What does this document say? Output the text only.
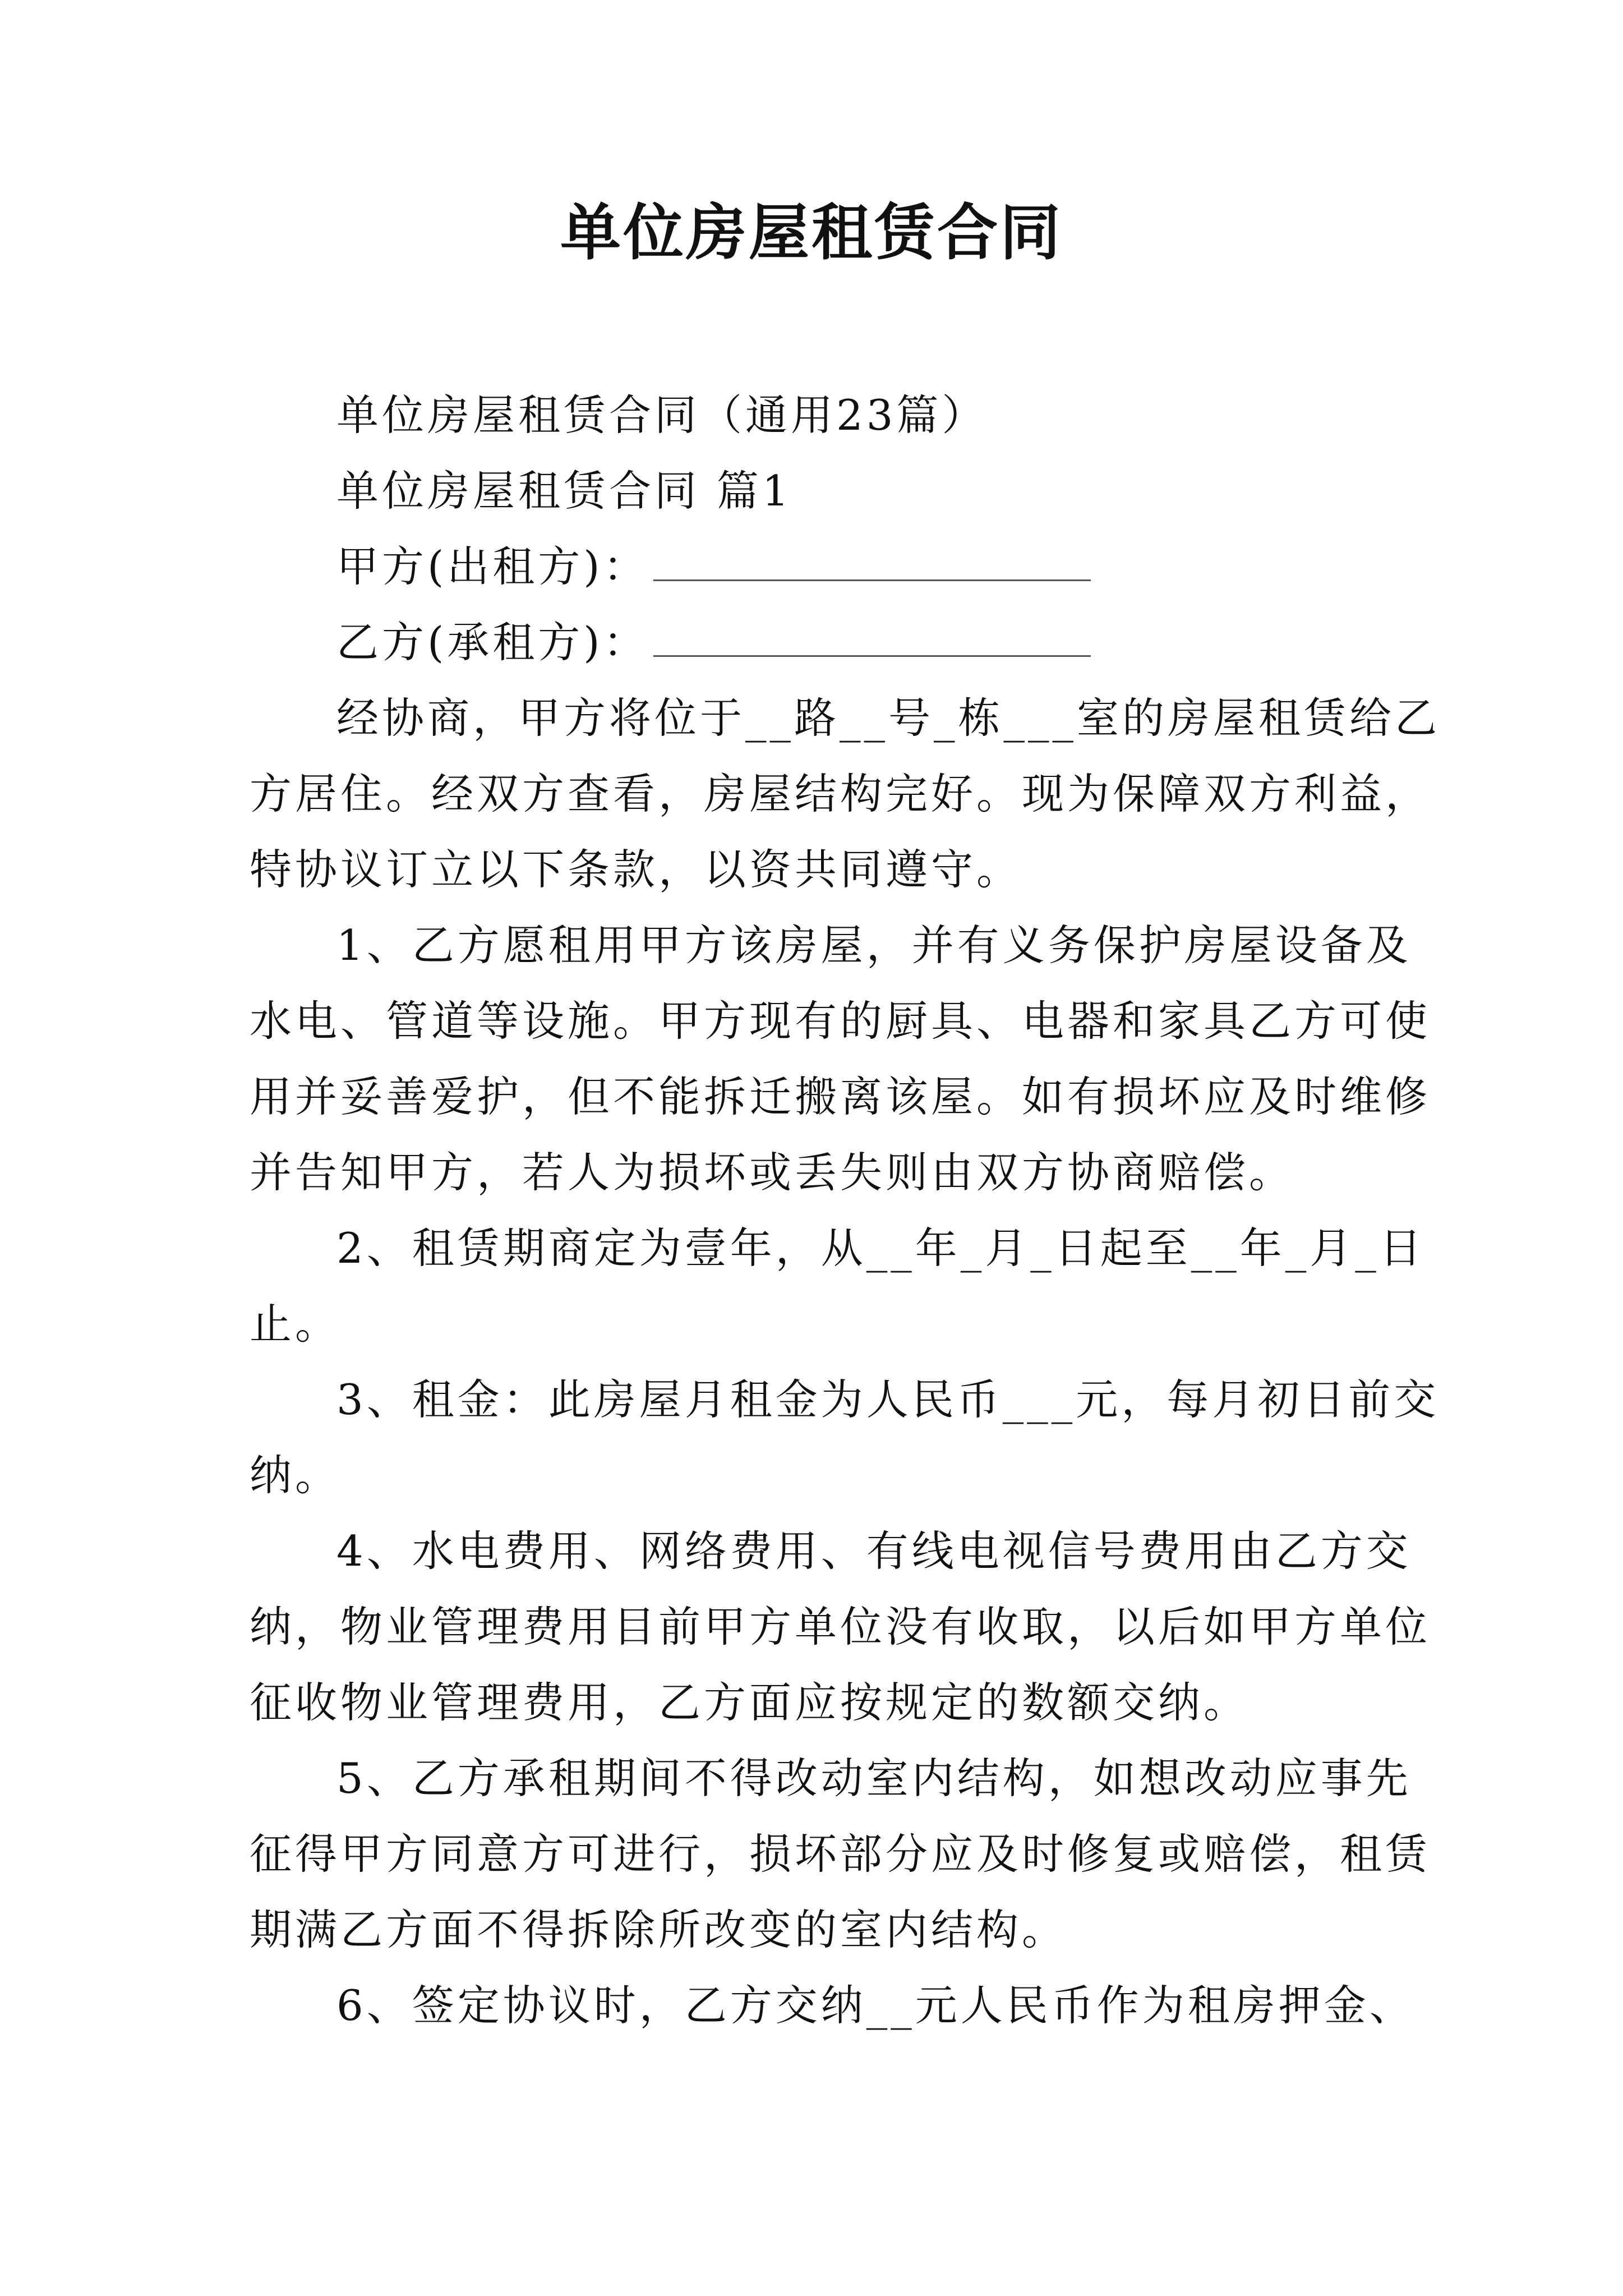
单位房屋租赁合同
单位房屋租赁合同（通用23篇）
单位房屋租赁合同 篇1
甲方(出租方)：
乙方(承租方)：
经协商，甲方将位于__路__号_栋___室的房屋租赁给乙
方居住。经双方查看，房屋结构完好。现为保障双方利益，
特协议订立以下条款，以资共同遵守。
1、乙方愿租用甲方该房屋，并有义务保护房屋设备及
水电、管道等设施。甲方现有的厨具、电器和家具乙方可使
用并妥善爱护，但不能拆迁搬离该屋。如有损坏应及时维修
并告知甲方，若人为损坏或丢失则由双方协商赔偿。
2、租赁期商定为壹年，从__年_月_日起至__年_月_日
止。
3、租金：此房屋月租金为人民币___元，每月初日前交
纳。
4、水电费用、网络费用、有线电视信号费用由乙方交
纳，物业管理费用目前甲方单位没有收取，以后如甲方单位
征收物业管理费用，乙方面应按规定的数额交纳。
5、乙方承租期间不得改动室内结构，如想改动应事先
征得甲方同意方可进行，损坏部分应及时修复或赔偿，租赁
期满乙方面不得拆除所改变的室内结构。
6、签定协议时，乙方交纳__元人民币作为租房押金、
